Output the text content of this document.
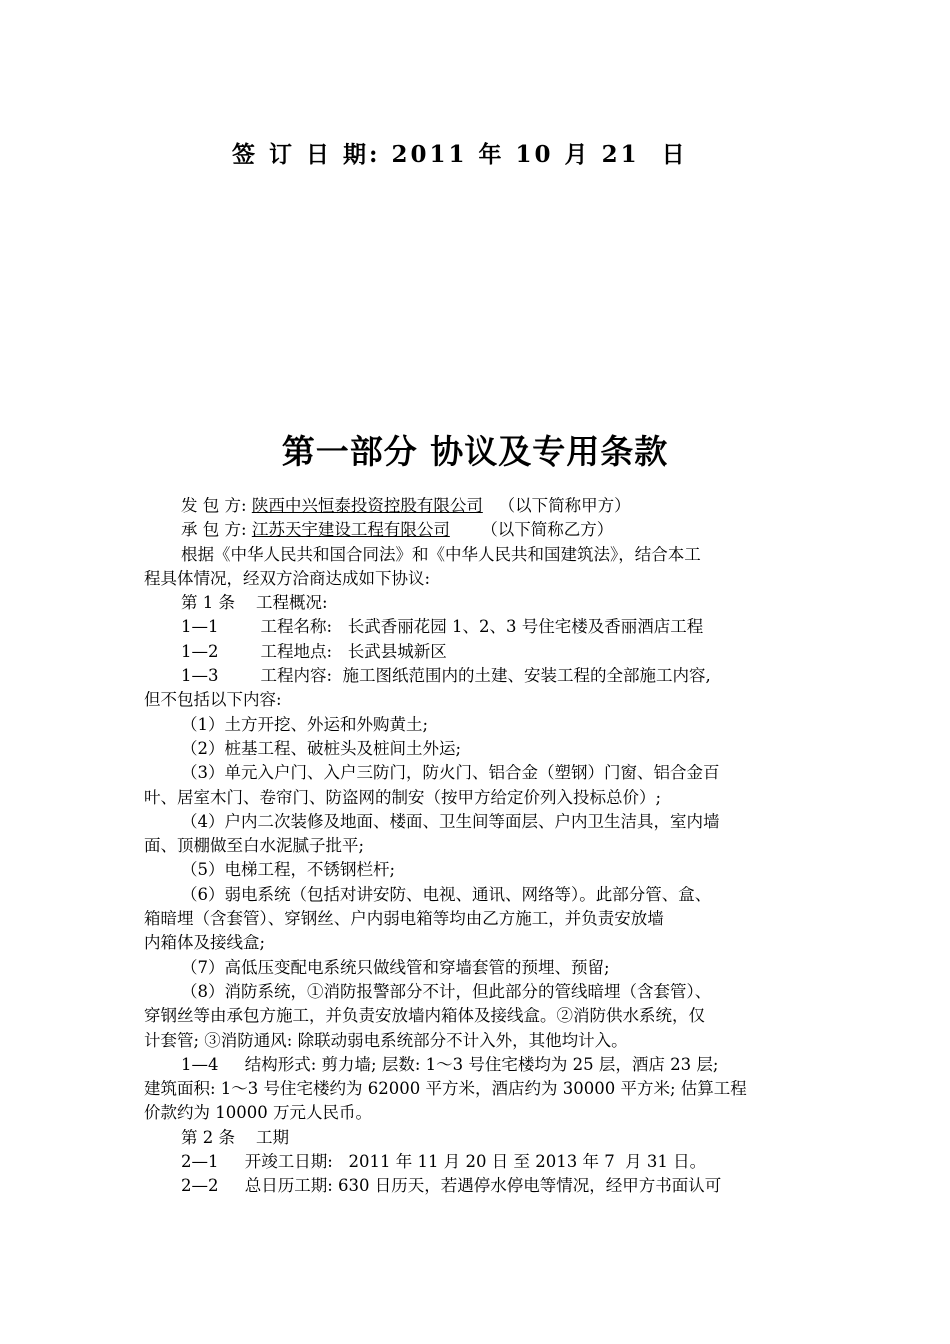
签 订 日 期: 2011 年 10 月 21  日
第一部分 协议及专用条款
发 包 方: 陕西中兴恒泰投资控股有限公司 （以下简称甲方）
承 包 方: 江苏天宇建设工程有限公司 （以下简称乙方）
根据《中华人民共和国合同法》和《中华人民共和国建筑法》，结合本工
程具体情况，经双方洽商达成如下协议:
第 1 条    工程概况:
1—1        工程名称:   长武香丽花园 1、2、3 号住宅楼及香丽酒店工程
1—2        工程地点:   长武县城新区
1—3        工程内容:  施工图纸范围内的土建、安装工程的全部施工内容,
但不包括以下内容:
（1）土方开挖、外运和外购黄土;
（2）桩基工程、破桩头及桩间土外运;
（3）单元入户门、入户三防门，防火门、铝合金（塑钢）门窗、铝合金百
叶、居室木门、卷帘门、防盗网的制安（按甲方给定价列入投标总价）;
（4）户内二次装修及地面、楼面、卫生间等面层、户内卫生洁具，室内墙
面、顶棚做至白水泥腻子批平;
（5）电梯工程，不锈钢栏杆;
（6）弱电系统（包括对讲安防、电视、通讯、网络等）。此部分管、盒、
箱暗埋（含套管）、穿钢丝、户内弱电箱等均由乙方施工，并负责安放墙
内箱体及接线盒;
（7）高低压变配电系统只做线管和穿墙套管的预埋、预留;
（8）消防系统，①消防报警部分不计，但此部分的管线暗埋（含套管）、
穿钢丝等由承包方施工，并负责安放墙内箱体及接线盒。②消防供水系统，仅
计套管; ③消防通风: 除联动弱电系统部分不计入外，其他均计入。
1—4     结构形式: 剪力墙; 层数: 1～3 号住宅楼均为 25 层，酒店 23 层;
建筑面积: 1～3 号住宅楼约为 62000 平方米，酒店约为 30000 平方米; 估算工程
价款约为 10000 万元人民币。
第 2 条    工期
2—1     开竣工日期:   2011 年 11 月 20 日 至 2013 年 7  月 31 日。
2—2     总日历工期: 630 日历天，若遇停水停电等情况，经甲方书面认可
